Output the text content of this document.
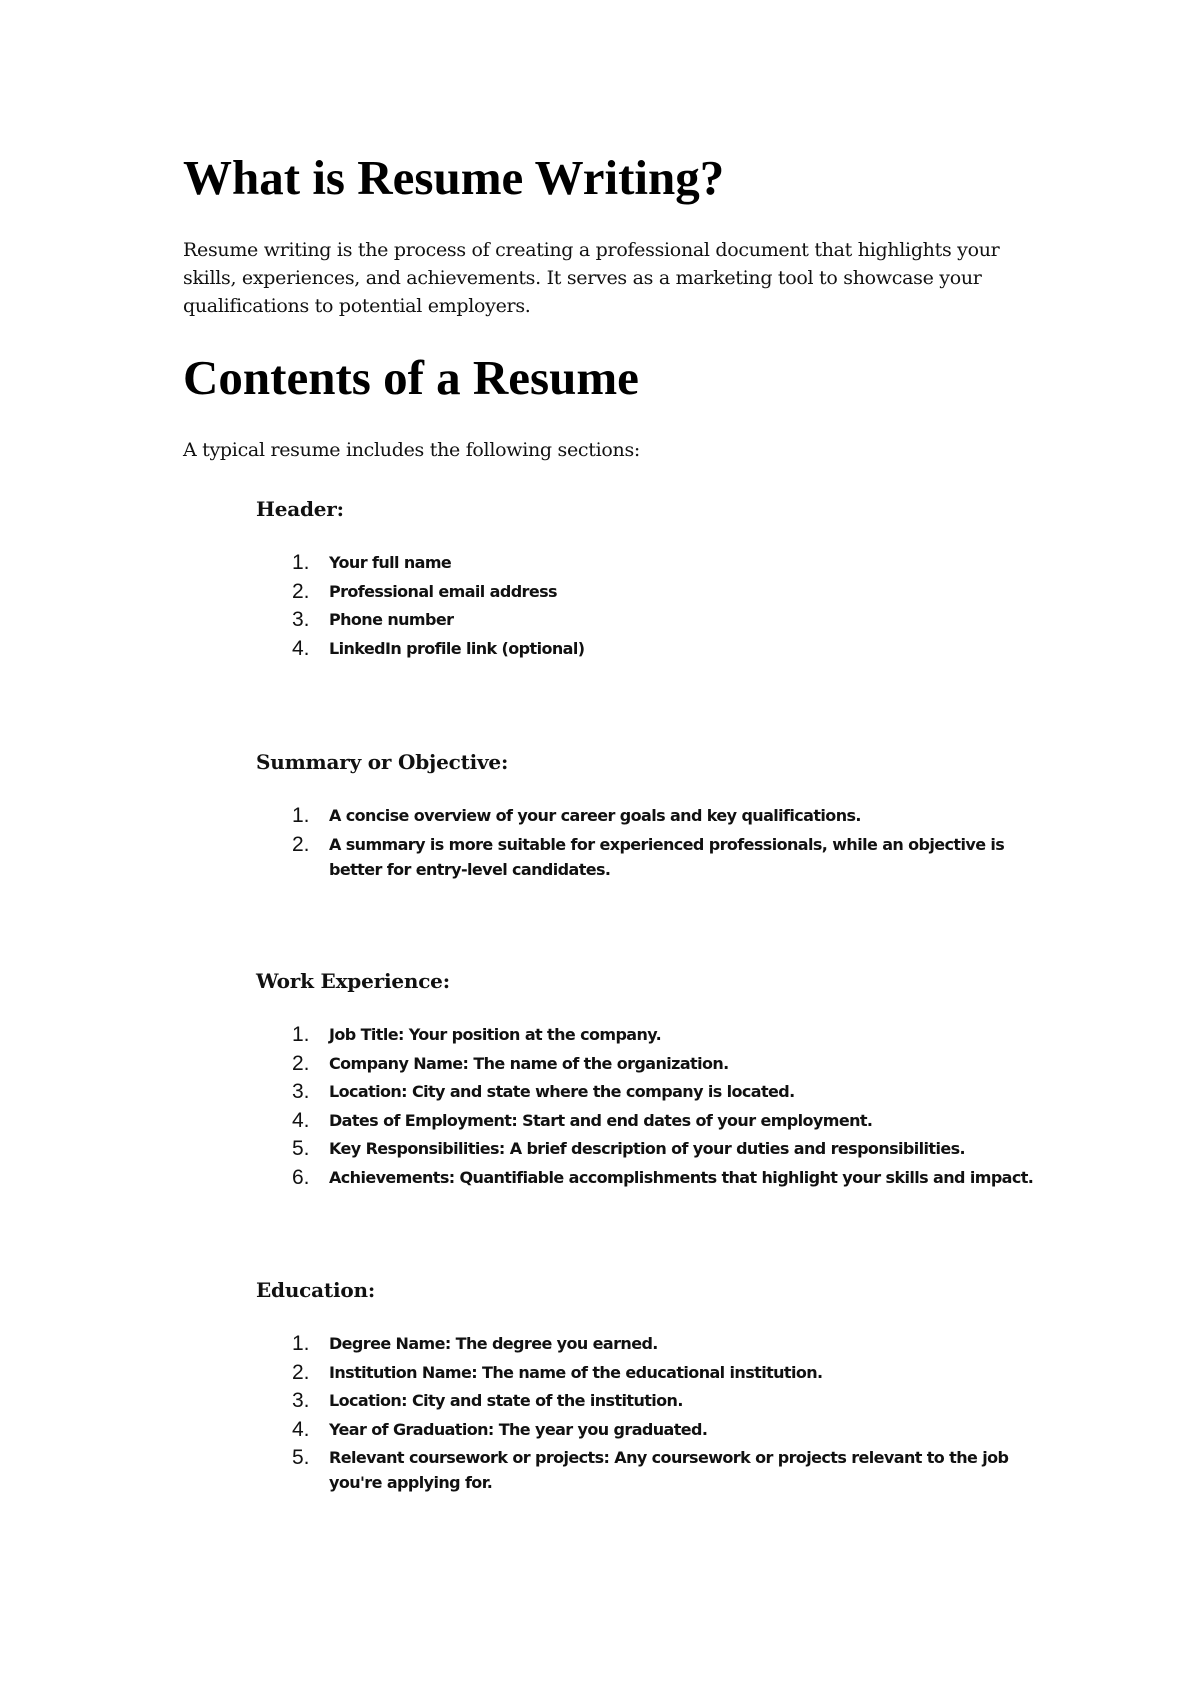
What is Resume Writing?

Resume writing is the process of creating a professional document that highlights your skills, experiences, and achievements. It serves as a marketing tool to showcase your qualifications to potential employers.

Contents of a Resume

A typical resume includes the following sections:

Header:
1. Your full name
2. Professional email address
3. Phone number
4. LinkedIn profile link (optional)
Summary or Objective:
1. A concise overview of your career goals and key qualifications.
2. A summary is more suitable for experienced professionals, while an objective is better for entry-level candidates.
Work Experience:
1. Job Title: Your position at the company.
2. Company Name: The name of the organization.
3. Location: City and state where the company is located.
4. Dates of Employment: Start and end dates of your employment.
5. Key Responsibilities: A brief description of your duties and responsibilities.
6. Achievements: Quantifiable accomplishments that highlight your skills and impact.
Education:
1. Degree Name: The degree you earned.
2. Institution Name: The name of the educational institution.
3. Location: City and state of the institution.
4. Year of Graduation: The year you graduated.
5. Relevant coursework or projects: Any coursework or projects relevant to the job you're applying for.
